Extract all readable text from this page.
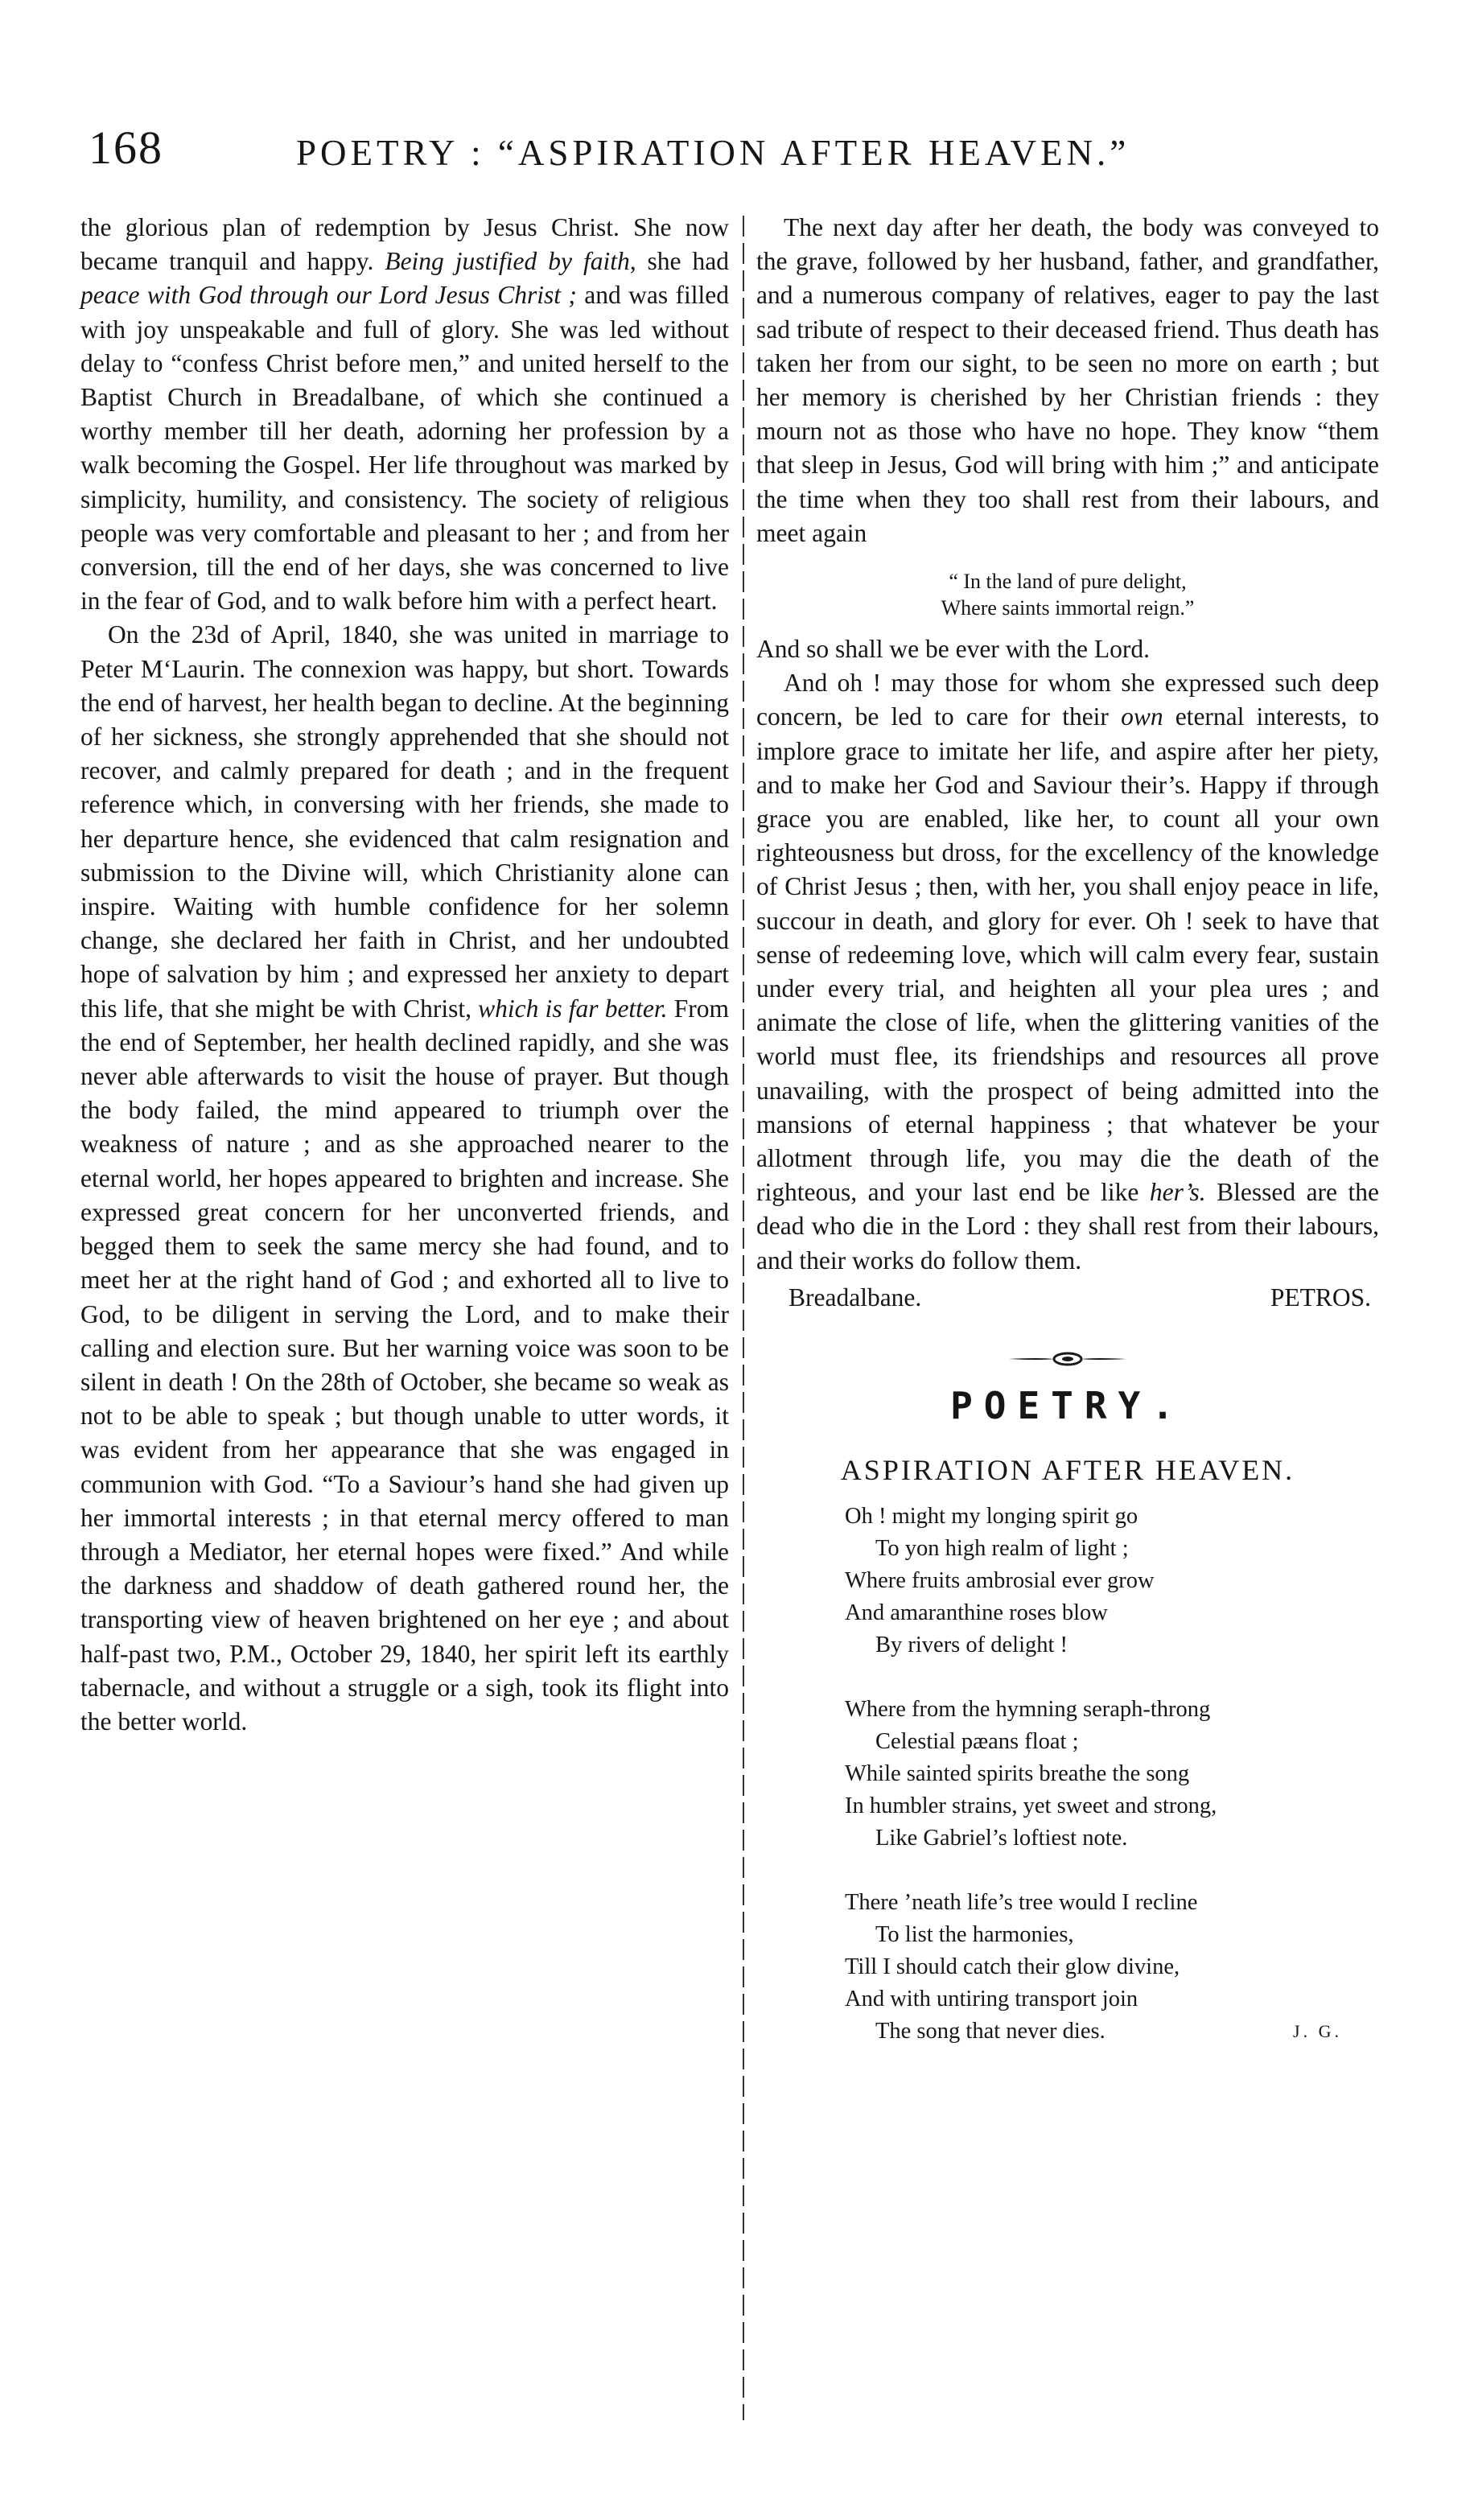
168	POETRY : “ASPIRATION AFTER HEAVEN.”

the glorious plan of redemption by Jesus Christ. She now became tranquil and happy. Being justified by faith, she had peace with God through our Lord Jesus Christ ; and was filled with joy unspeakable and full of glory. She was led without delay to “confess Christ before men,” and united herself to the Baptist Church in Breadalbane, of which she continued a worthy member till her death, adorning her profession by a walk becoming the Gospel. Her life throughout was marked by simplicity, humility, and consistency. The society of religious people was very comfortable and pleasant to her ; and from her conversion, till the end of her days, she was concerned to live in the fear of God, and to walk before him with a perfect heart.

On the 23d of April, 1840, she was united in marriage to Peter M‘Laurin. The connexion was happy, but short. Towards the end of harvest, her health began to decline. At the beginning of her sickness, she strongly apprehended that she should not recover, and calmly prepared for death ; and in the frequent reference which, in conversing with her friends, she made to her departure hence, she evidenced that calm resignation and submission to the Divine will, which Christianity alone can inspire. Waiting with humble confidence for her solemn change, she declared her faith in Christ, and her undoubted hope of salvation by him ; and expressed her anxiety to depart this life, that she might be with Christ, which is far better. From the end of September, her health declined rapidly, and she was never able afterwards to visit the house of prayer. But though the body failed, the mind appeared to triumph over the weakness of nature ; and as she approached nearer to the eternal world, her hopes appeared to brighten and increase. She expressed great concern for her unconverted friends, and begged them to seek the same mercy she had found, and to meet her at the right hand of God ; and exhorted all to live to God, to be diligent in serving the Lord, and to make their calling and election sure. But her warning voice was soon to be silent in death ! On the 28th of October, she became so weak as not to be able to speak ; but though unable to utter words, it was evident from her appearance that she was engaged in communion with God. “To a Saviour’s hand she had given up her immortal interests ; in that eternal mercy offered to man through a Mediator, her eternal hopes were fixed.” And while the darkness and shaddow of death gathered round her, the transporting view of heaven brightened on her eye ; and about half-past two, P.M., October 29, 1840, her spirit left its earthly tabernacle, and without a struggle or a sigh, took its flight into the better world.

The next day after her death, the body was conveyed to the grave, followed by her husband, father, and grandfather, and a numerous company of relatives, eager to pay the last sad tribute of respect to their deceased friend. Thus death has taken her from our sight, to be seen no more on earth ; but her memory is cherished by her Christian friends : they mourn not as those who have no hope. They know “them that sleep in Jesus, God will bring with him ;” and anticipate the time when they too shall rest from their labours, and meet again

“ In the land of pure delight,
Where saints immortal reign.”

And so shall we be ever with the Lord.

And oh ! may those for whom she expressed such deep concern, be led to care for their own eternal interests, to implore grace to imitate her life, and aspire after her piety, and to make her God and Saviour their’s. Happy if through grace you are enabled, like her, to count all your own righteousness but dross, for the excellency of the knowledge of Christ Jesus ; then, with her, you shall enjoy peace in life, succour in death, and glory for ever. Oh ! seek to have that sense of redeeming love, which will calm every fear, sustain under every trial, and heighten all your plea ures ; and animate the close of life, when the glittering vanities of the world must flee, its friendships and resources all prove unavailing, with the prospect of being admitted into the mansions of eternal happiness ; that whatever be your allotment through life, you may die the death of the righteous, and your last end be like her’s. Blessed are the dead who die in the Lord : they shall rest from their labours, and their works do follow them.

Breadalbane.	PETROS.

POETRY.

ASPIRATION AFTER HEAVEN.

Oh ! might my longing spirit go
To yon high realm of light ;
Where fruits ambrosial ever grow
And amaranthine roses blow
By rivers of delight !
Where from the hymning seraph-throng
Celestial pæans float ;
While sainted spirits breathe the song
In humbler strains, yet sweet and strong,
Like Gabriel’s loftiest note.
There ’neath life’s tree would I recline
To list the harmonies,
Till I should catch their glow divine,
And with untiring transport join
The song that never dies.	J. G.
